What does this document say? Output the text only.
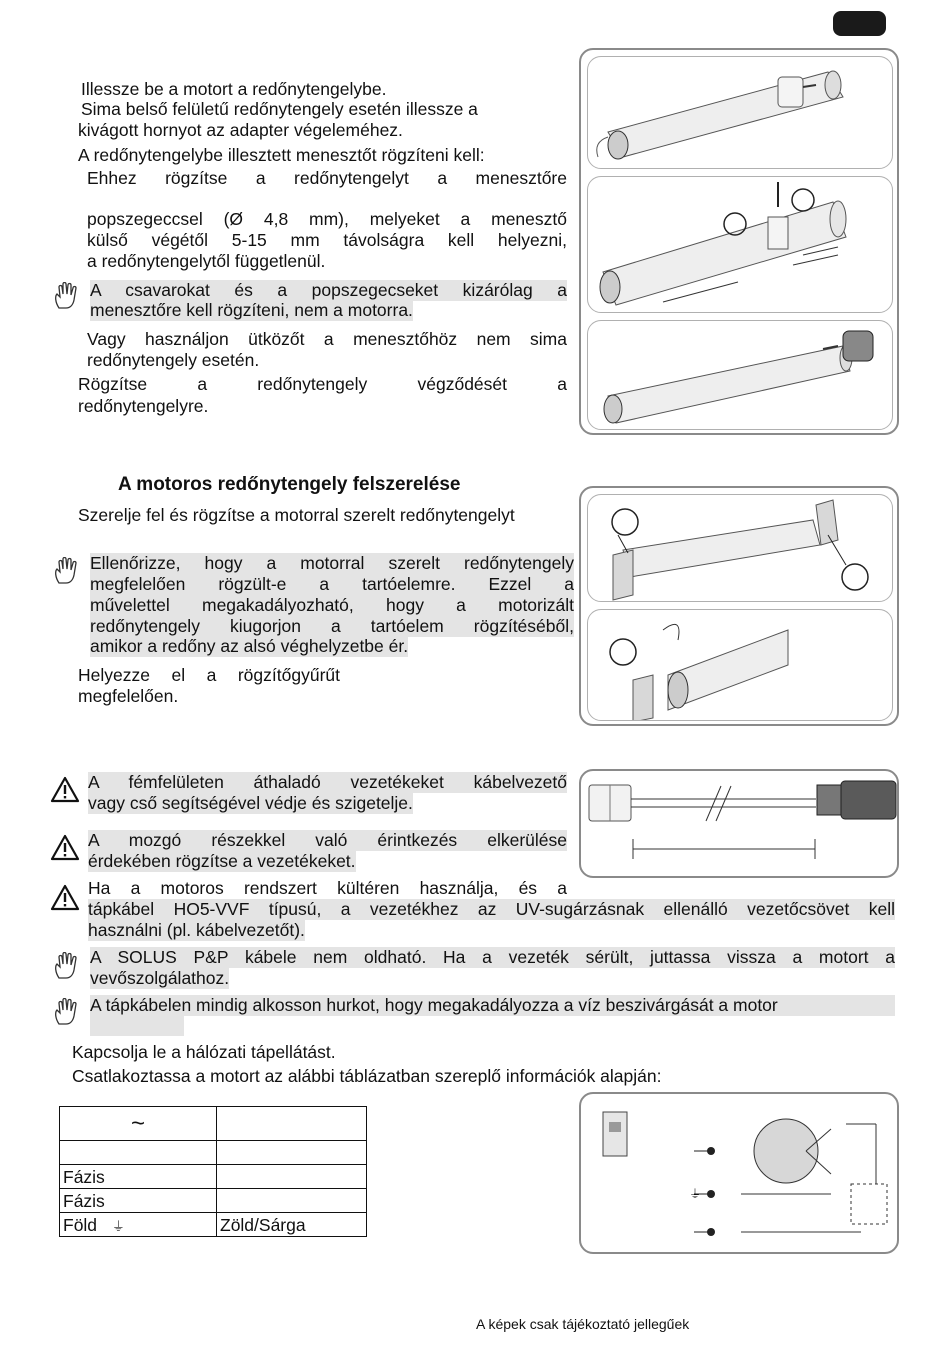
Illessze be a motort a redőnytengelybe.
Sima belső felületű redőnytengely esetén illessze a
kivágott hornyot az adapter végeleméhez.
A redőnytengelybe illesztett menesztőt rögzíteni kell:
Ehhez rögzítse a redőnytengelyt a menesztőre
popszegeccsel (Ø 4,8 mm), melyeket a menesztő
külső végétől 5-15 mm távolságra kell helyezni,
a redőnytengelytől függetlenül.
A csavarokat és a popszegecseket kizárólag a
menesztőre kell rögzíteni, nem a motorra.
Vagy használjon ütközőt a menesztőhöz nem sima
redőnytengely esetén.
Rögzítse a redőnytengely végződését a
redőnytengelyre.
A motoros redőnytengely felszerelése
Szerelje fel és rögzítse a motorral szerelt redőnytengelyt
Ellenőrizze, hogy a motorral szerelt redőnytengely
megfelelően rögzült-e a tartóelemre. Ezzel a
művelettel megakadályozható, hogy a motorizált
redőnytengely kiugorjon a tartóelem rögzítéséből,
amikor a redőny az alsó véghelyzetbe ér.
Helyezze el a rögzítőgyűrűt
megfelelően.
A fémfelületen áthaladó vezetékeket kábelvezető
vagy cső segítségével védje és szigetelje.
A mozgó részekkel való érintkezés elkerülése
érdekében rögzítse a vezetékeket.
Ha a motoros rendszert kültéren használja, és a
tápkábel HO5-VVF típusú, a vezetékhez az UV-sugárzásnak ellenálló vezetőcsövet kell
használni (pl. kábelvezetőt).
A SOLUS P&P kábele nem oldható. Ha a vezeték sérült, juttassa vissza a motort a
vevőszolgálathoz.
A tápkábelen mindig alkosson hurkot, hogy megakadályozza a víz beszivárgását a motor
Kapcsolja le a hálózati tápellátást.
Csatlakoztassa a motort az alábbi táblázatban szereplő információk alapján:
~	

Fázis	
Fázis	
Föld ⏚	Zöld/Sárga
⏚
A képek csak tájékoztató jellegűek
